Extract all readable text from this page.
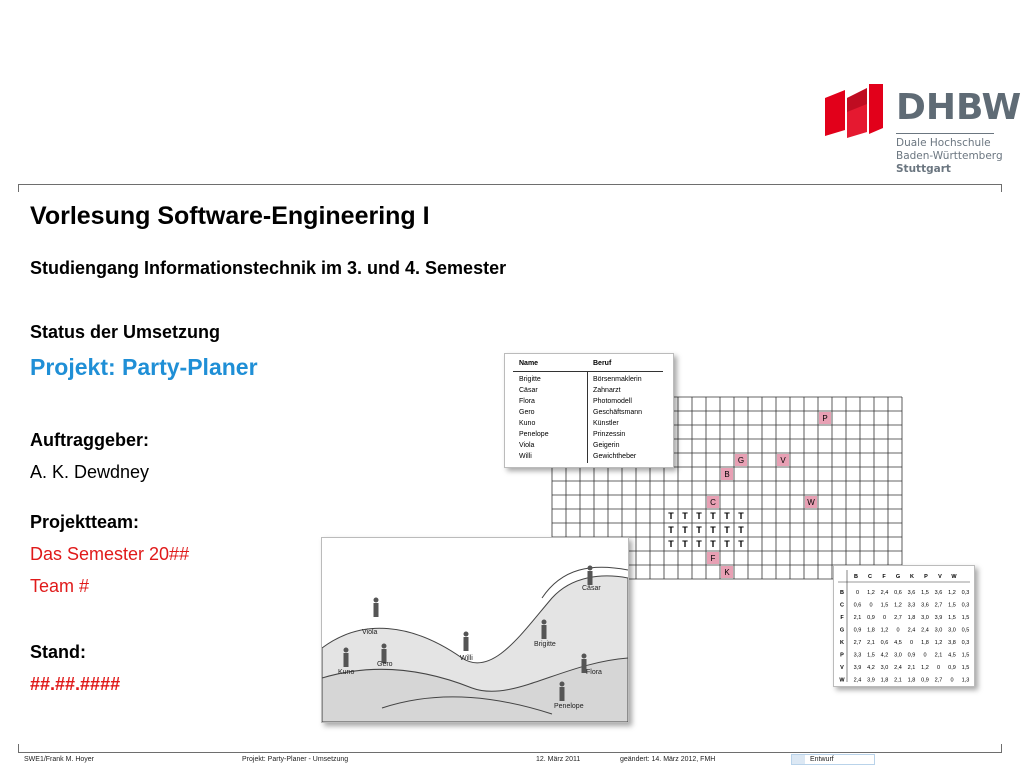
DHBW
Duale Hochschule
Baden-Württemberg
Stuttgart
Vorlesung Software-Engineering I
Studiengang Informationstechnik im 3. und 4. Semester
Status der Umsetzung
Projekt: Party-Planer
Auftraggeber:
A. K. Dewdney
Projektteam:
Das Semester 20##
Team #
Stand:
##.##.####
P
G	V
B
C	W
F
K
T T T T T T
T T T T T T
T T T T T T
Name	Beruf
Brigitte	Börsenmaklerin
Cäsar	Zahnarzt
Flora	Photomodell
Gero	Geschäftsmann
Kuno	Künstler
Penelope	Prinzessin
Viola	Geigerin
Willi	Gewichtheber
B C F G K P V W
B 0 1,2 2,4 0,6 3,6 1,5 3,6 1,2 0,3
C 0,6 0 1,5 1,2 3,3 3,6 2,7 1,5 0,3
F 2,1 0,9 0 2,7 1,8 3,0 3,9 1,5 1,5
G 0,9 1,8 1,2 0 2,4 2,4 3,0 3,0 0,5
K 2,7 2,1 0,6 4,5 0 1,8 1,2 3,8 0,3
P 3,3 1,5 4,2 3,0 0,9 0 2,1 4,5 1,5
V 3,9 4,2 3,0 2,4 2,1 1,2 0 0,9 1,5
W 2,4 3,9 1,8 2,1 1,8 0,9 2,7 0 1,3
Cäsar
Viola
Gero
Kuno
Willi
Brigitte
Flora
Penelope
SWE1/Frank M. Hoyer	Projekt: Party-Planer - Umsetzung	12. März 2011	geändert: 14. März 2012, FMH	Entwurf
